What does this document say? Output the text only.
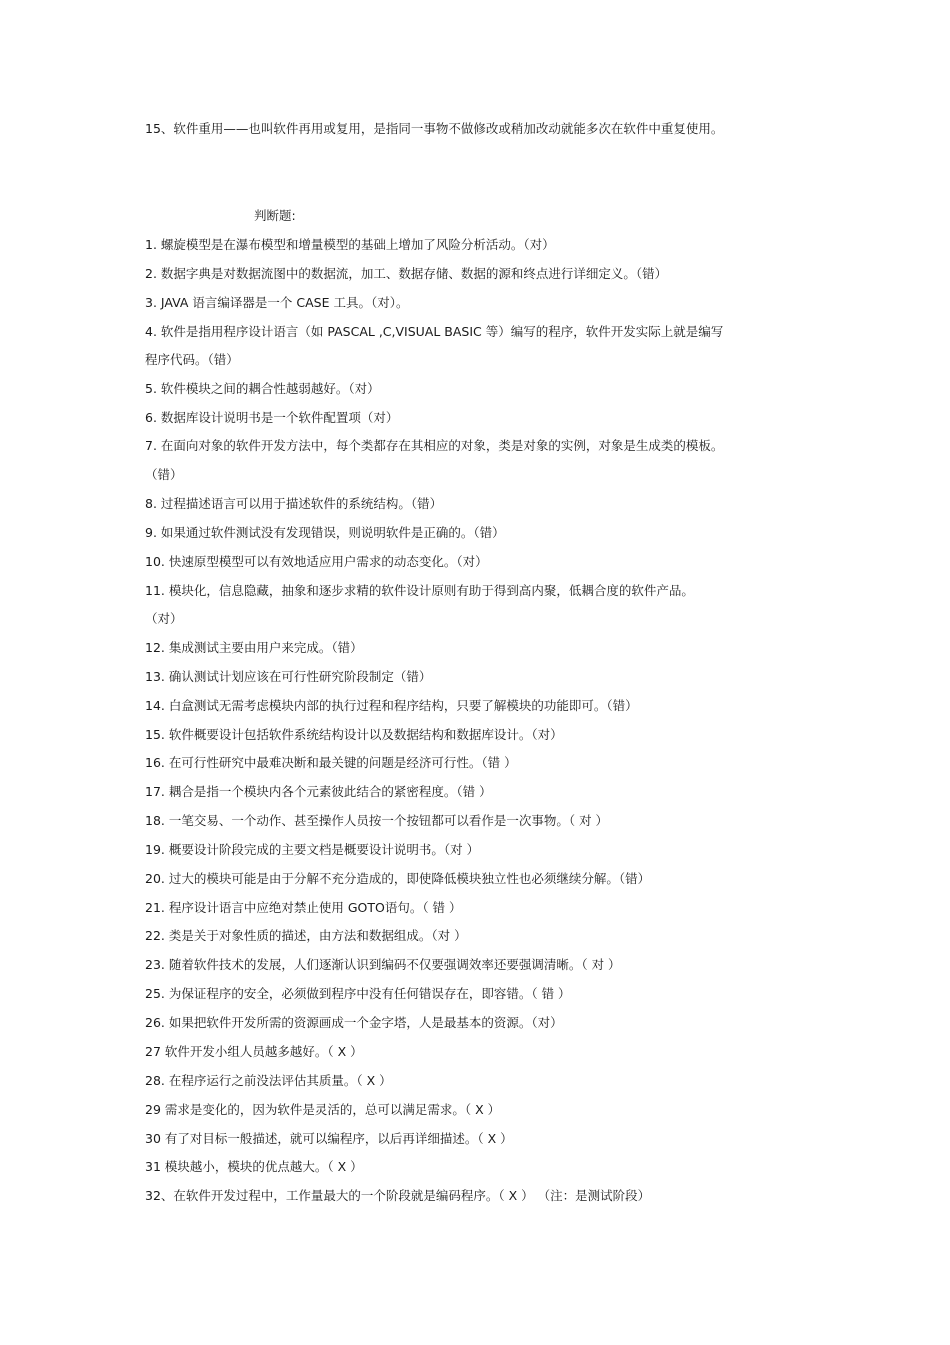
15、软件重用——也叫软件再用或复用，是指同一事物不做修改或稍加改动就能多次在软件中重复使用。
判断题:
1. 螺旋模型是在瀑布模型和增量模型的基础上增加了风险分析活动。（对）
2. 数据字典是对数据流图中的数据流，加工、数据存储、数据的源和终点进行详细定义。（错）
3. JAVA 语言编译器是一个 CASE 工具。（对）。
4. 软件是指用程序设计语言（如 PASCAL ,C,VISUAL BASIC 等）编写的程序，软件开发实际上就是编写
程序代码。（错）
5. 软件模块之间的耦合性越弱越好。（对）
6. 数据库设计说明书是一个软件配置项（对）
7. 在面向对象的软件开发方法中，每个类都存在其相应的对象，类是对象的实例，对象是生成类的模板。
（错）
8. 过程描述语言可以用于描述软件的系统结构。（错）
9. 如果通过软件测试没有发现错误，则说明软件是正确的。（错）
10. 快速原型模型可以有效地适应用户需求的动态变化。（对）
11. 模块化，信息隐藏，抽象和逐步求精的软件设计原则有助于得到高内聚，低耦合度的软件产品。
（对）
12. 集成测试主要由用户来完成。（错）
13. 确认测试计划应该在可行性研究阶段制定（错）
14. 白盒测试无需考虑模块内部的执行过程和程序结构，只要了解模块的功能即可。（错）
15. 软件概要设计包括软件系统结构设计以及数据结构和数据库设计。（对）
16. 在可行性研究中最难决断和最关键的问题是经济可行性。（错 ）
17. 耦合是指一个模块内各个元素彼此结合的紧密程度。（错 ）
18. 一笔交易、一个动作、甚至操作人员按一个按钮都可以看作是一次事物。（ 对 ）
19. 概要设计阶段完成的主要文档是概要设计说明书。（对 ）
20. 过大的模块可能是由于分解不充分造成的，即使降低模块独立性也必须继续分解。（错）
21. 程序设计语言中应绝对禁止使用 GOTO语句。（ 错 ）
22. 类是关于对象性质的描述，由方法和数据组成。（对 ）
23. 随着软件技术的发展，人们逐渐认识到编码不仅要强调效率还要强调清晰。（ 对 ）
25. 为保证程序的安全，必须做到程序中没有任何错误存在，即容错。（ 错 ）
26. 如果把软件开发所需的资源画成一个金字塔，人是最基本的资源。（对）
27 软件开发小组人员越多越好。（ X ）
28. 在程序运行之前没法评估其质量。（ X ）
29 需求是变化的，因为软件是灵活的，总可以满足需求。（ X ）
30 有了对目标一般描述，就可以编程序，以后再详细描述。（ X ）
31 模块越小，模块的优点越大。（ X ）
32、在软件开发过程中，工作量最大的一个阶段就是编码程序。（ X ） （注：是测试阶段）
